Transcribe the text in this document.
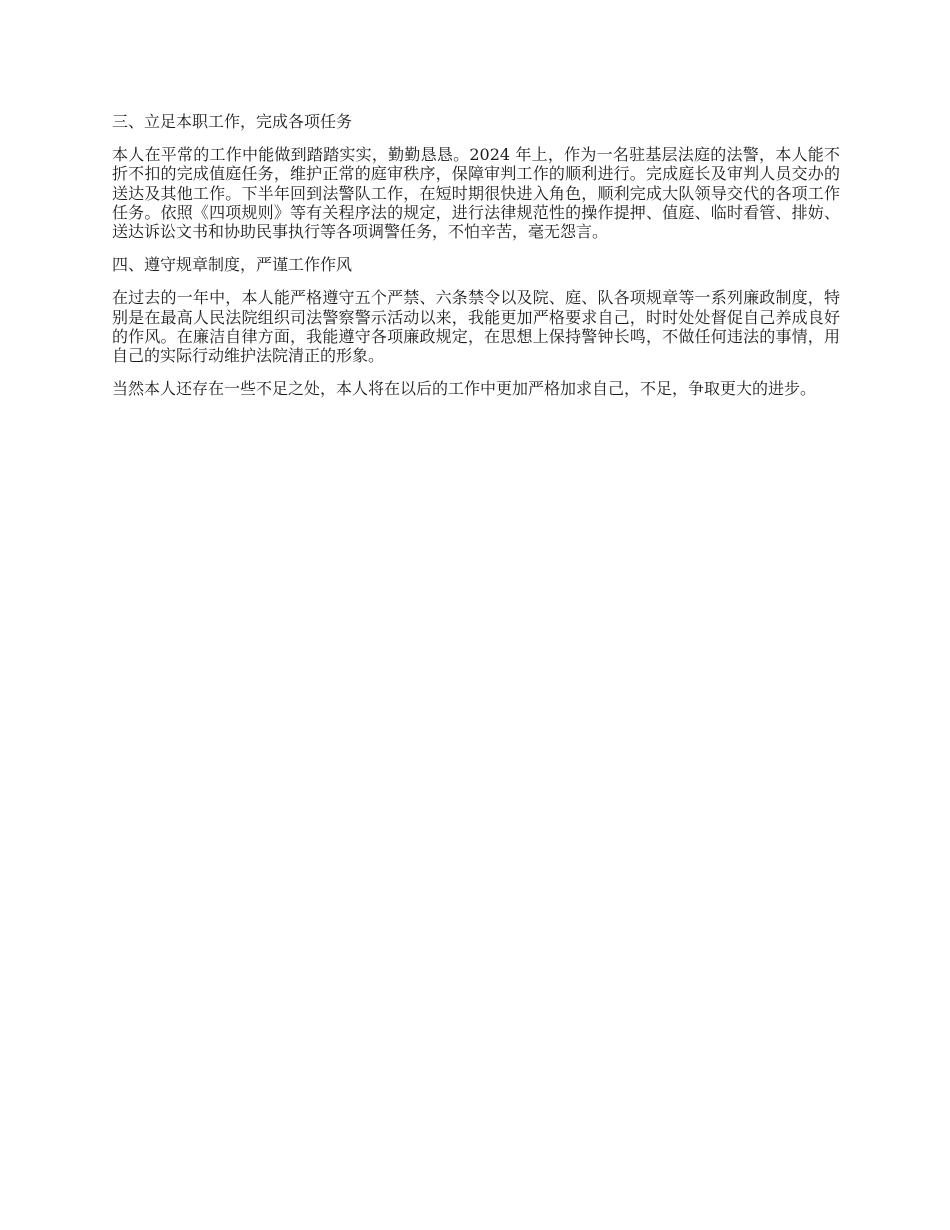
三、立足本职工作，完成各项任务

本人在平常的工作中能做到踏踏实实，勤勤恳恳。2024 年上，作为一名驻基层法庭的法警，本人能不折不扣的完成值庭任务，维护正常的庭审秩序，保障审判工作的顺利进行。完成庭长及审判人员交办的送达及其他工作。下半年回到法警队工作，在短时期很快进入角色，顺利完成大队领导交代的各项工作任务。依照《四项规则》等有关程序法的规定，进行法律规范性的操作提押、值庭、临时看管、排妨、送达诉讼文书和协助民事执行等各项调警任务，不怕辛苦，毫无怨言。

四、遵守规章制度，严谨工作作风

在过去的一年中，本人能严格遵守五个严禁、六条禁令以及院、庭、队各项规章等一系列廉政制度，特别是在最高人民法院组织司法警察警示活动以来，我能更加严格要求自己，时时处处督促自己养成良好的作风。在廉洁自律方面，我能遵守各项廉政规定，在思想上保持警钟长鸣，不做任何违法的事情，用自己的实际行动维护法院清正的形象。

当然本人还存在一些不足之处，本人将在以后的工作中更加严格加求自己，不足，争取更大的进步。
